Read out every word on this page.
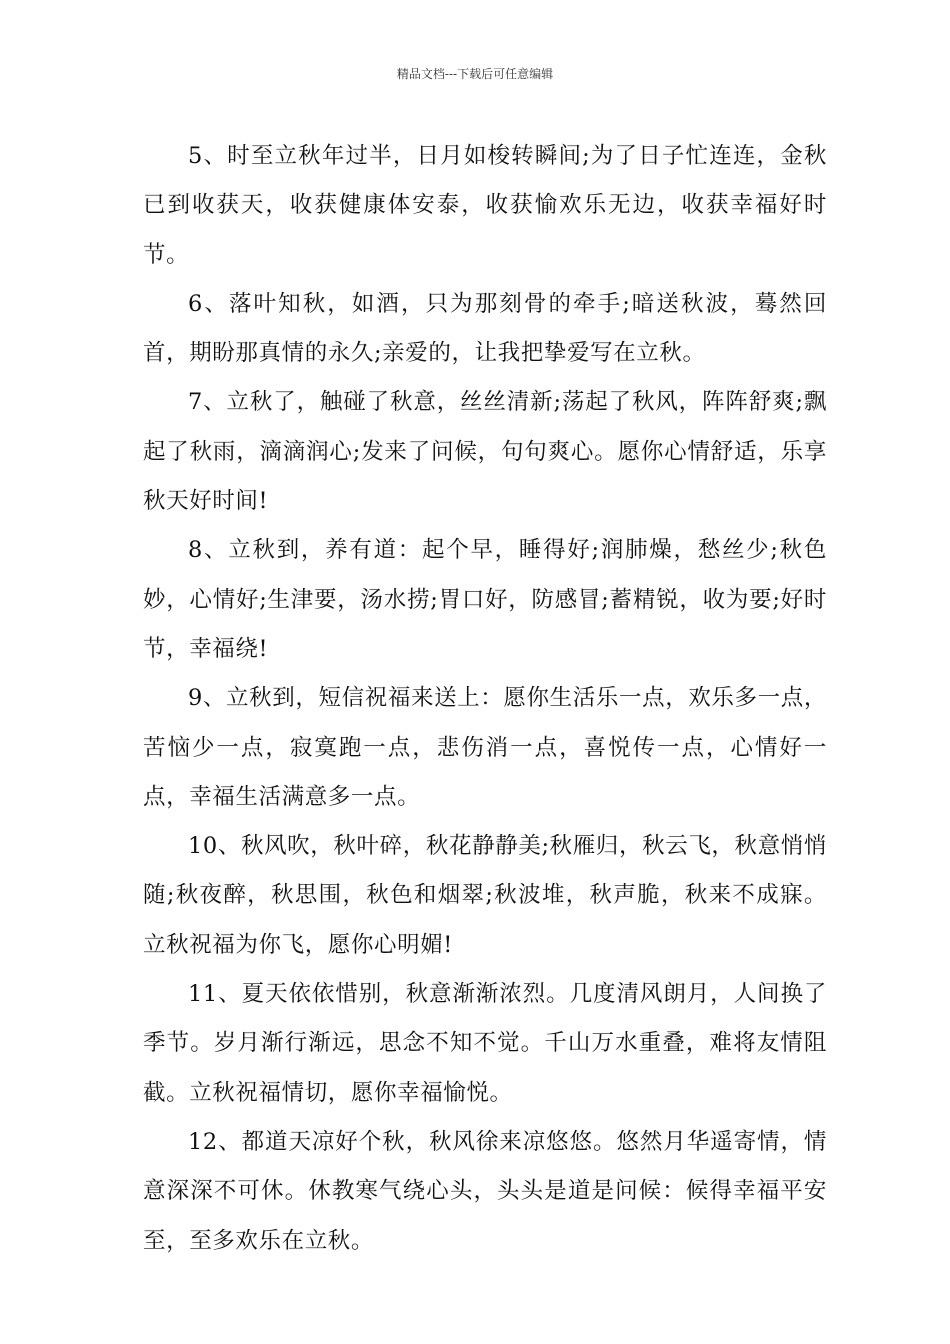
精品文档---下载后可任意编辑

5、时至立秋年过半，日月如梭转瞬间;为了日子忙连连，金秋已到收获天，收获健康体安泰，收获愉欢乐无边，收获幸福好时节。

6、落叶知秋，如酒，只为那刻骨的牵手;暗送秋波，蓦然回首，期盼那真情的永久;亲爱的，让我把挚爱写在立秋。

7、立秋了，触碰了秋意，丝丝清新;荡起了秋风，阵阵舒爽;飘起了秋雨，滴滴润心;发来了问候，句句爽心。愿你心情舒适，乐享秋天好时间!

8、立秋到，养有道：起个早，睡得好;润肺燥，愁丝少;秋色妙，心情好;生津要，汤水捞;胃口好，防感冒;蓄精锐，收为要;好时节，幸福绕!

9、立秋到，短信祝福来送上：愿你生活乐一点，欢乐多一点，苦恼少一点，寂寞跑一点，悲伤消一点，喜悦传一点，心情好一点，幸福生活满意多一点。

10、秋风吹，秋叶碎，秋花静静美;秋雁归，秋云飞，秋意悄悄随;秋夜醉，秋思围，秋色和烟翠;秋波堆，秋声脆，秋来不成寐。立秋祝福为你飞，愿你心明媚!

11、夏天依依惜别，秋意渐渐浓烈。几度清风朗月，人间换了季节。岁月渐行渐远，思念不知不觉。千山万水重叠，难将友情阻截。立秋祝福情切，愿你幸福愉悦。

12、都道天凉好个秋，秋风徐来凉悠悠。悠然月华遥寄情，情意深深不可休。休教寒气绕心头，头头是道是问候：候得幸福平安至，至多欢乐在立秋。
